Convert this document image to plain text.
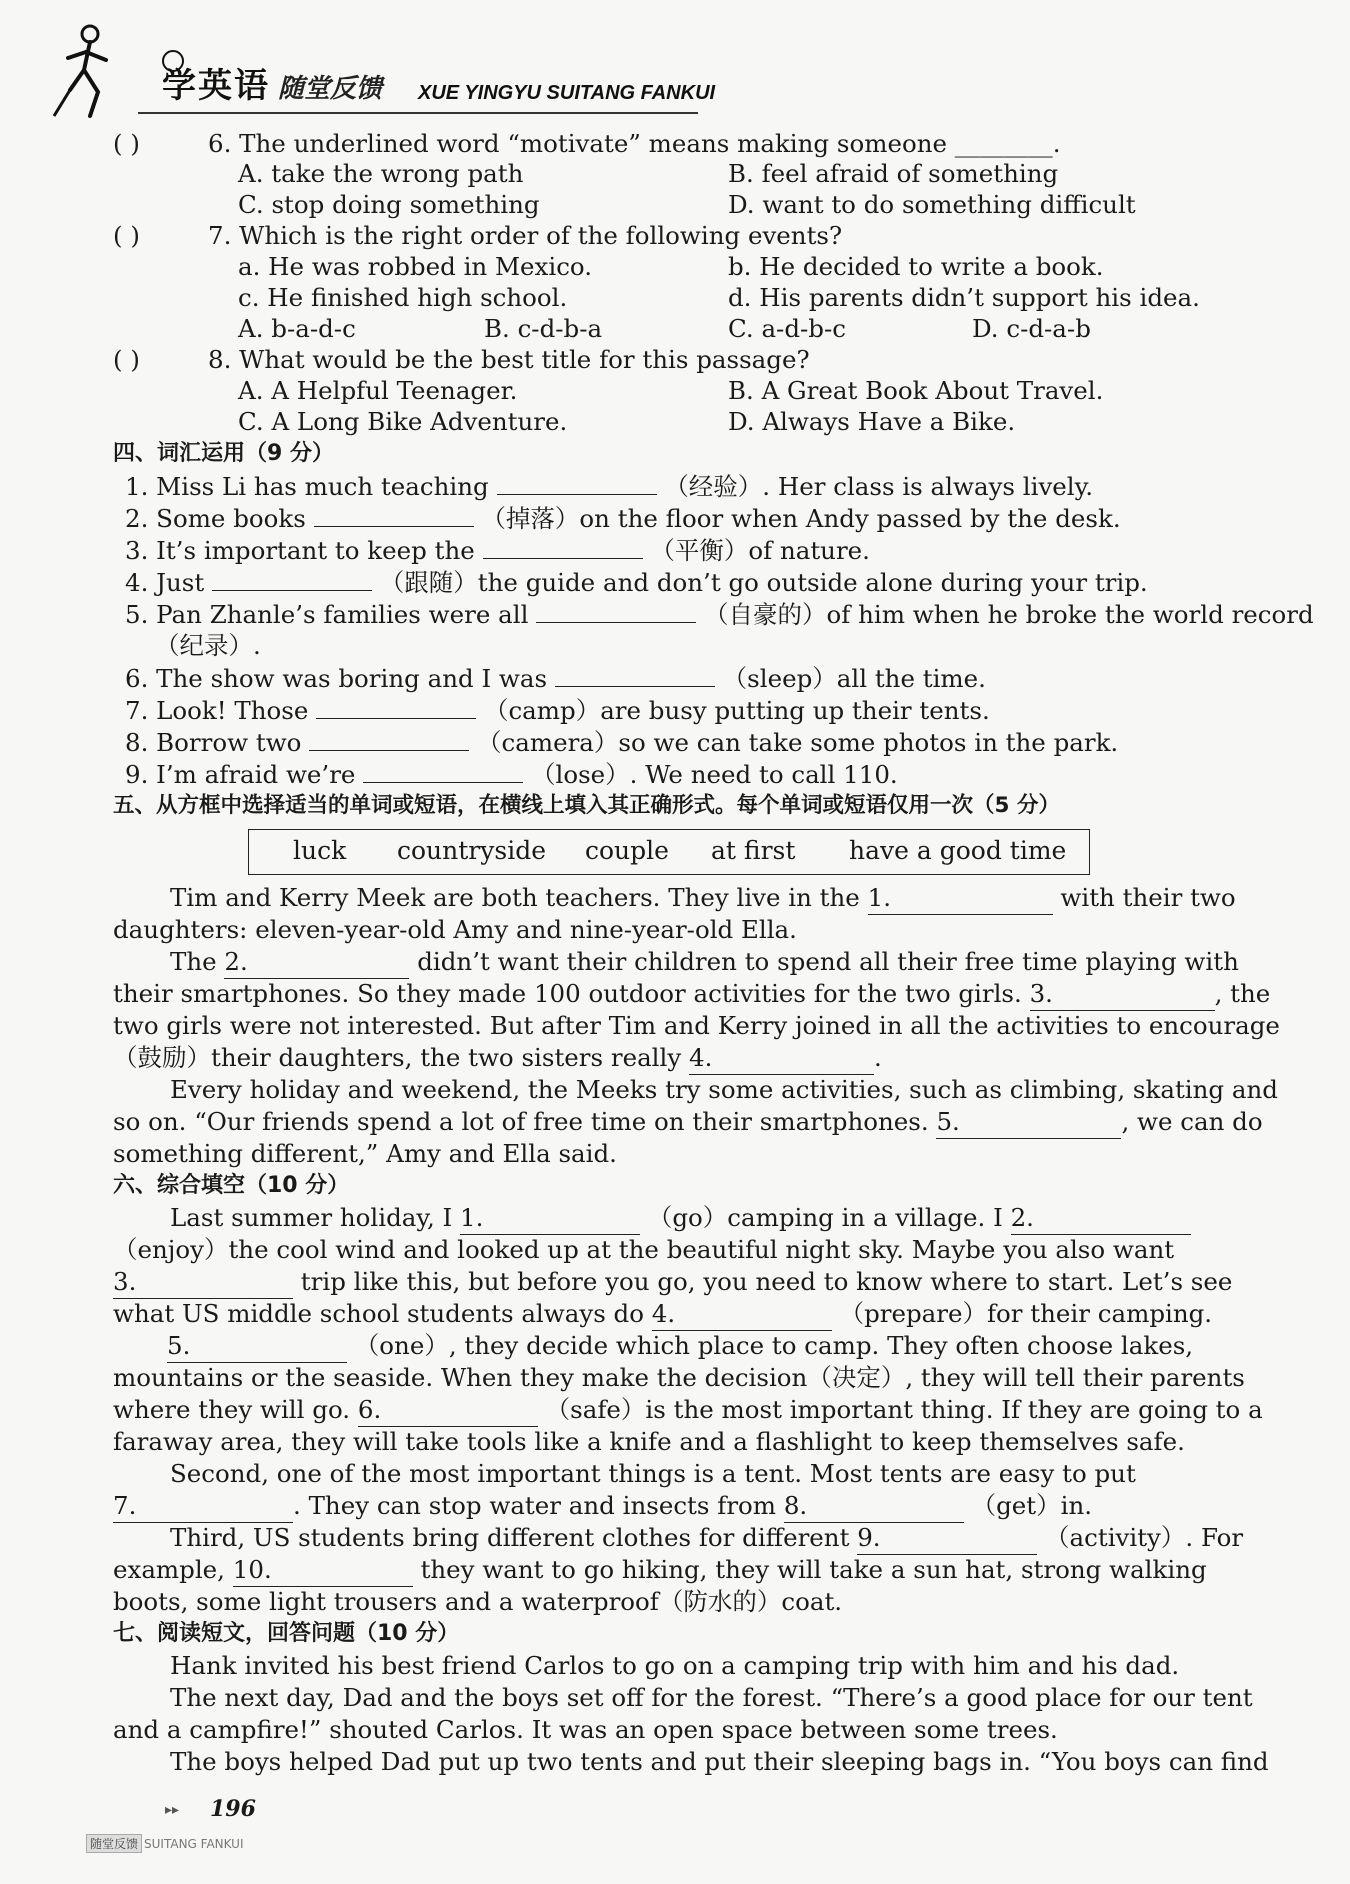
学英语 随堂反馈 XUE YINGYU SUITANG FANKUI
( )	6. The underlined word “motivate” means making someone ________.
A. take the wrong path	B. feel afraid of something
C. stop doing something	D. want to do something difficult
( )	7. Which is the right order of the following events?
a. He was robbed in Mexico.	b. He decided to write a book.
c. He finished high school.	d. His parents didn’t support his idea.
A. b-a-d-c	B. c-d-b-a	C. a-d-b-c	D. c-d-a-b
( )	8. What would be the best title for this passage?
A. A Helpful Teenager.	B. A Great Book About Travel.
C. A Long Bike Adventure.	D. Always Have a Bike.
四、词汇运用（9 分）
1. Miss Li has much teaching	（经验）. Her class is always lively.
2. Some books	（掉落）on the floor when Andy passed by the desk.
3. It’s important to keep the	（平衡）of nature.
4. Just	（跟随）the guide and don’t go outside alone during your trip.
5. Pan Zhanle’s families were all	（自豪的）of him when he broke the world record
（纪录）.
6. The show was boring and I was	（sleep）all the time.
7. Look! Those	（camp）are busy putting up their tents.
8. Borrow two	（camera）so we can take some photos in the park.
9. I’m afraid we’re	（lose）. We need to call 110.
五、从方框中选择适当的单词或短语，在横线上填入其正确形式。每个单词或短语仅用一次（5 分）
luck countryside couple at first have a good time
Tim and Kerry Meek are both teachers. They live in the 1.	with their two
daughters: eleven-year-old Amy and nine-year-old Ella.
The 2.	didn’t want their children to spend all their free time playing with
their smartphones. So they made 100 outdoor activities for the two girls. 3.	, the
two girls were not interested. But after Tim and Kerry joined in all the activities to encourage
（鼓励）their daughters, the two sisters really 4.	.
Every holiday and weekend, the Meeks try some activities, such as climbing, skating and
so on. “Our friends spend a lot of free time on their smartphones. 5.	, we can do
something different,” Amy and Ella said.
六、综合填空（10 分）
Last summer holiday, I 1.	（go）camping in a village. I 2.
（enjoy）the cool wind and looked up at the beautiful night sky. Maybe you also want
3.	trip like this, but before you go, you need to know where to start. Let’s see
what US middle school students always do 4.	（prepare）for their camping.
5.	（one）, they decide which place to camp. They often choose lakes,
mountains or the seaside. When they make the decision（决定）, they will tell their parents
where they will go. 6.	（safe）is the most important thing. If they are going to a
faraway area, they will take tools like a knife and a flashlight to keep themselves safe.
Second, one of the most important things is a tent. Most tents are easy to put
7.	. They can stop water and insects from 8.	（get）in.
Third, US students bring different clothes for different 9.	（activity）. For
example, 10.	they want to go hiking, they will take a sun hat, strong walking
boots, some light trousers and a waterproof（防水的）coat.
七、阅读短文，回答问题（10 分）
Hank invited his best friend Carlos to go on a camping trip with him and his dad.
The next day, Dad and the boys set off for the forest. “There’s a good place for our tent
and a campfire!” shouted Carlos. It was an open space between some trees.
The boys helped Dad put up two tents and put their sleeping bags in. “You boys can find
▸▸ 196
随堂反馈 SUITANG FANKUI
